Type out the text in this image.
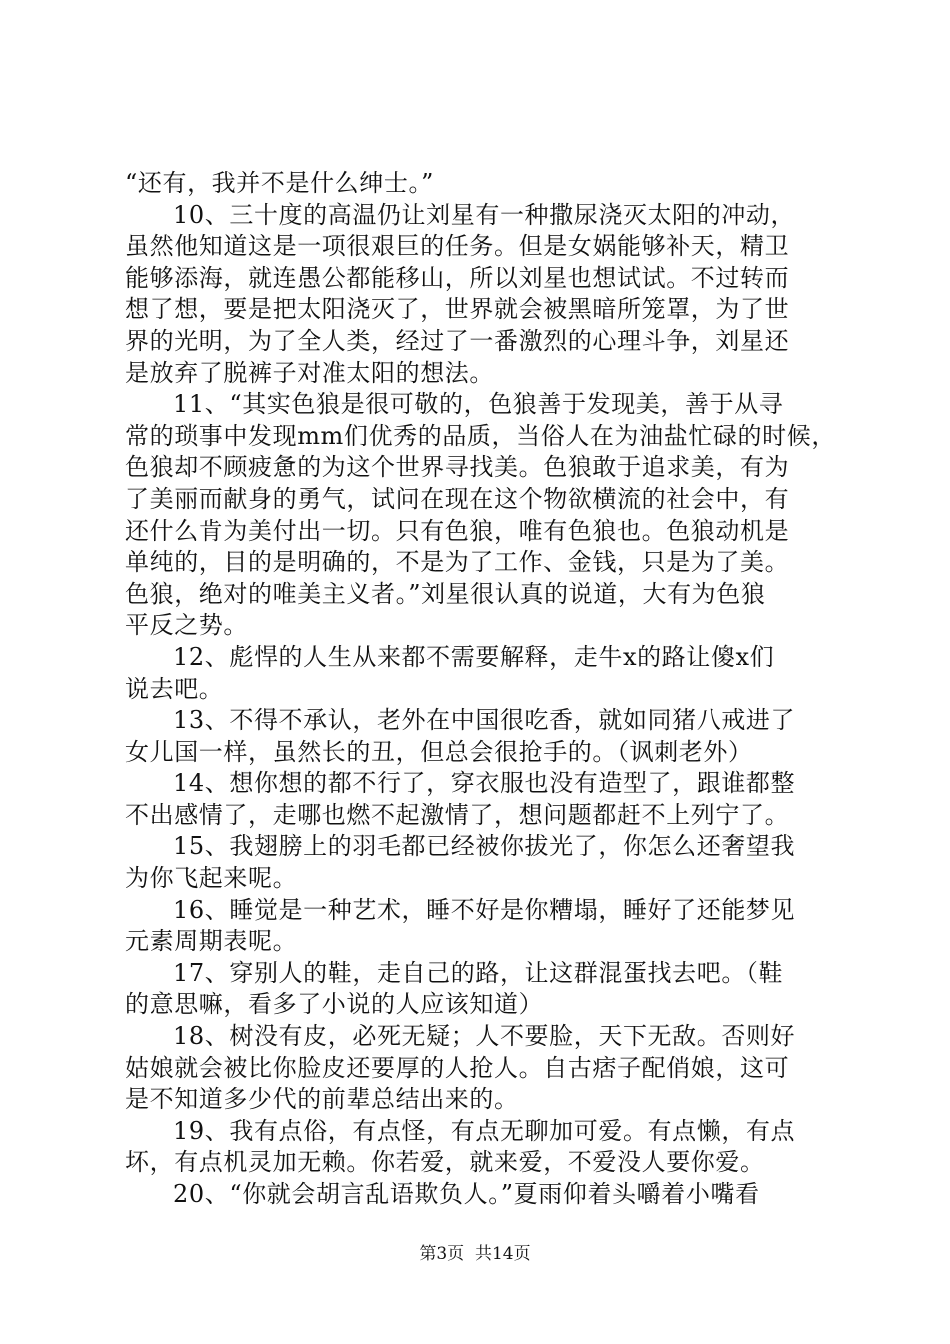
“还有，我并不是什么绅士。”
10、三十度的高温仍让刘星有一种撒尿浇灭太阳的冲动，
虽然他知道这是一项很艰巨的任务。但是女娲能够补天，精卫
能够添海，就连愚公都能移山，所以刘星也想试试。不过转而
想了想，要是把太阳浇灭了，世界就会被黑暗所笼罩，为了世
界的光明，为了全人类，经过了一番激烈的心理斗争，刘星还
是放弃了脱裤子对准太阳的想法。
11、“其实色狼是很可敬的，色狼善于发现美，善于从寻
常的琐事中发现mm们优秀的品质，当俗人在为油盐忙碌的时候，
色狼却不顾疲惫的为这个世界寻找美。色狼敢于追求美，有为
了美丽而献身的勇气，试问在现在这个物欲横流的社会中，有
还什么肯为美付出一切。只有色狼，唯有色狼也。色狼动机是
单纯的，目的是明确的，不是为了工作、金钱，只是为了美。
色狼，绝对的唯美主义者。”刘星很认真的说道，大有为色狼
平反之势。
12、彪悍的人生从来都不需要解释，走牛x的路让傻x们
说去吧。
13、不得不承认，老外在中国很吃香，就如同猪八戒进了
女儿国一样，虽然长的丑，但总会很抢手的。（讽刺老外）
14、想你想的都不行了，穿衣服也没有造型了，跟谁都整
不出感情了，走哪也燃不起激情了，想问题都赶不上列宁了。
15、我翅膀上的羽毛都已经被你拔光了，你怎么还奢望我
为你飞起来呢。
16、睡觉是一种艺术，睡不好是你糟塌，睡好了还能梦见
元素周期表呢。
17、穿别人的鞋，走自己的路，让这群混蛋找去吧。（鞋
的意思嘛，看多了小说的人应该知道）
18、树没有皮，必死无疑；人不要脸，天下无敌。否则好
姑娘就会被比你脸皮还要厚的人抢人。自古痞子配俏娘，这可
是不知道多少代的前辈总结出来的。
19、我有点俗，有点怪，有点无聊加可爱。有点懒，有点
坏，有点机灵加无赖。你若爱，就来爱，不爱没人要你爱。
20、“你就会胡言乱语欺负人。”夏雨仰着头嚼着小嘴看
第3页  共14页
